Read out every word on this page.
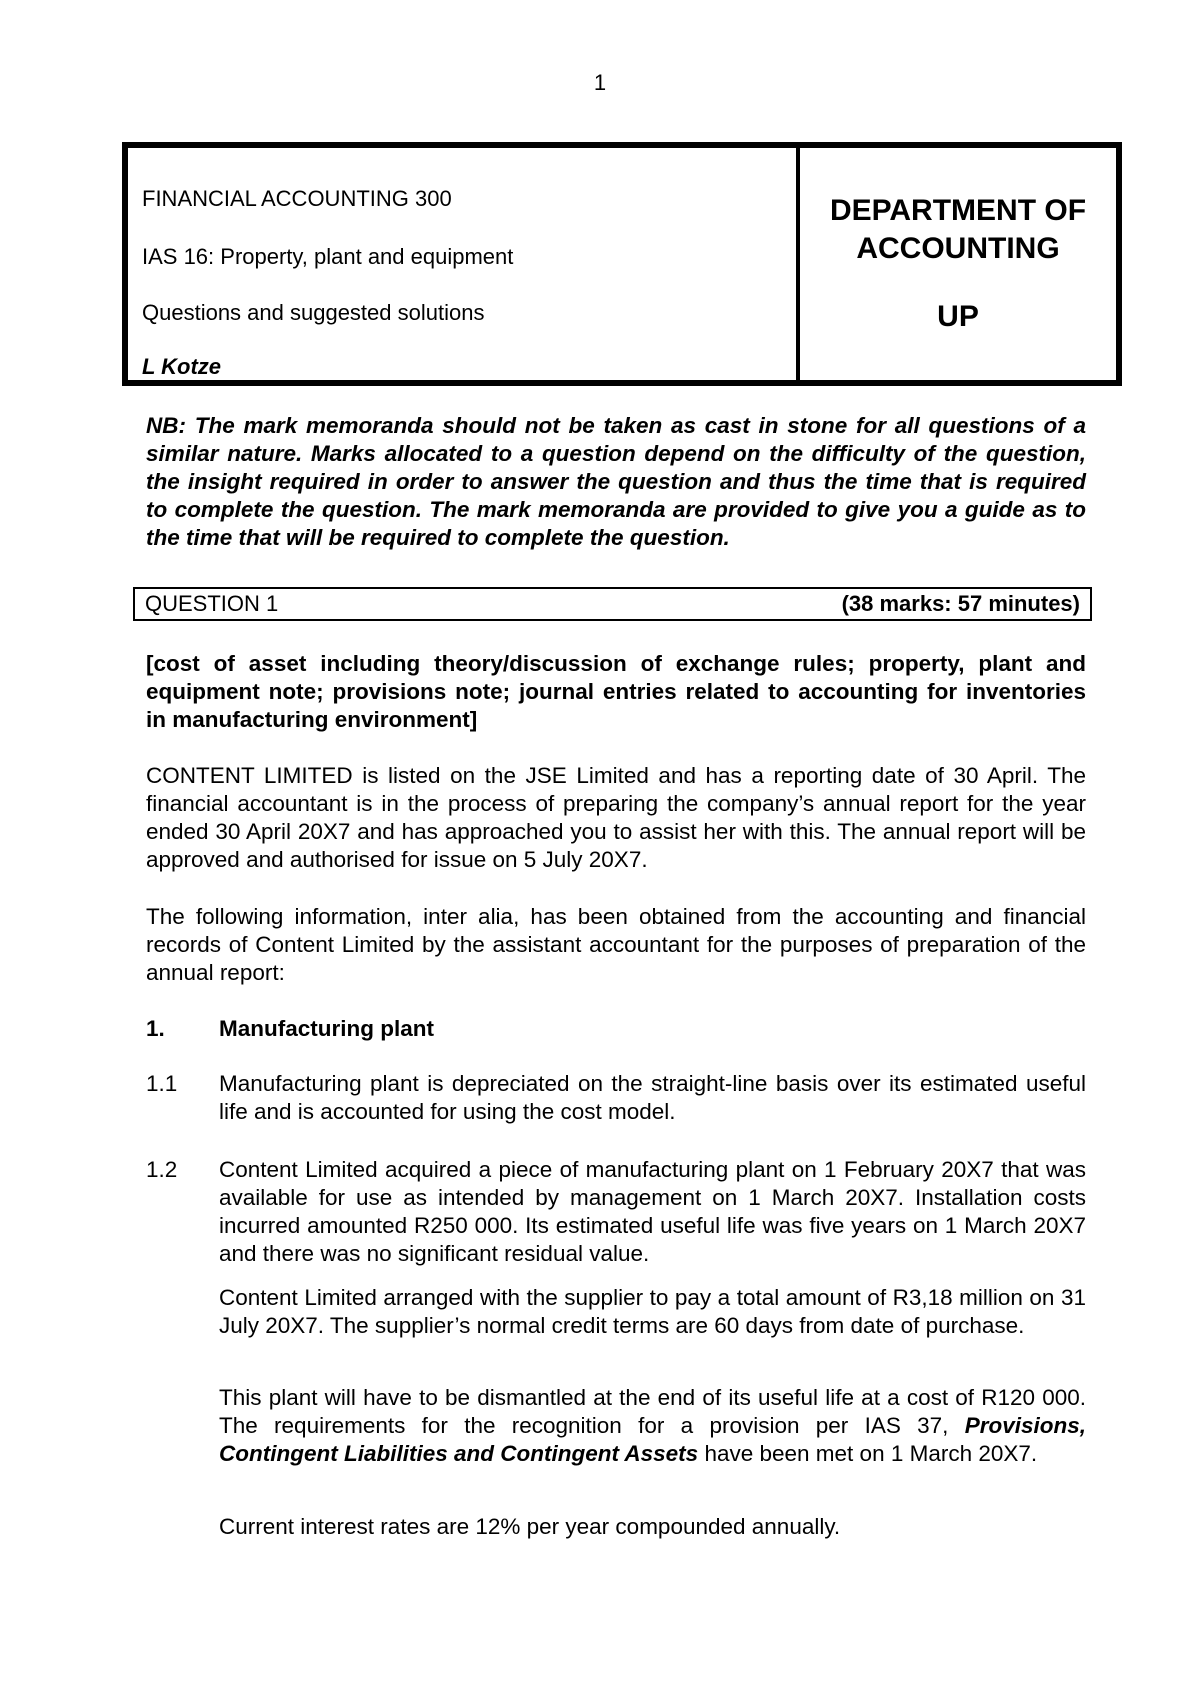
1
FINANCIAL ACCOUNTING 300
IAS 16: Property, plant and equipment
Questions and suggested solutions
L Kotze
DEPARTMENT OF
ACCOUNTING
UP
NB: The mark memoranda should not be taken as cast in stone for all questions of a similar nature. Marks allocated to a question depend on the difficulty of the question, the insight required in order to answer the question and thus the time that is required to complete the question. The mark memoranda are provided to give you a guide as to the time that will be required to complete the question.
QUESTION 1	(38 marks: 57 minutes)
[cost of asset including theory/discussion of exchange rules; property, plant and equipment note; provisions note; journal entries related to accounting for inventories in manufacturing environment]
CONTENT LIMITED is listed on the JSE Limited and has a reporting date of 30 April. The financial accountant is in the process of preparing the company’s annual report for the year ended 30 April 20X7 and has approached you to assist her with this. The annual report will be approved and authorised for issue on 5 July 20X7.
The following information, inter alia, has been obtained from the accounting and financial records of Content Limited by the assistant accountant for the purposes of preparation of the annual report:
1. Manufacturing plant
1.1 Manufacturing plant is depreciated on the straight-line basis over its estimated useful life and is accounted for using the cost model.
1.2 Content Limited acquired a piece of manufacturing plant on 1 February 20X7 that was available for use as intended by management on 1 March 20X7. Installation costs incurred amounted R250 000. Its estimated useful life was five years on 1 March 20X7 and there was no significant residual value.
Content Limited arranged with the supplier to pay a total amount of R3,18 million on 31 July 20X7. The supplier’s normal credit terms are 60 days from date of purchase.
This plant will have to be dismantled at the end of its useful life at a cost of R120 000. The requirements for the recognition for a provision per IAS 37, Provisions, Contingent Liabilities and Contingent Assets have been met on 1 March 20X7.
Current interest rates are 12% per year compounded annually.
